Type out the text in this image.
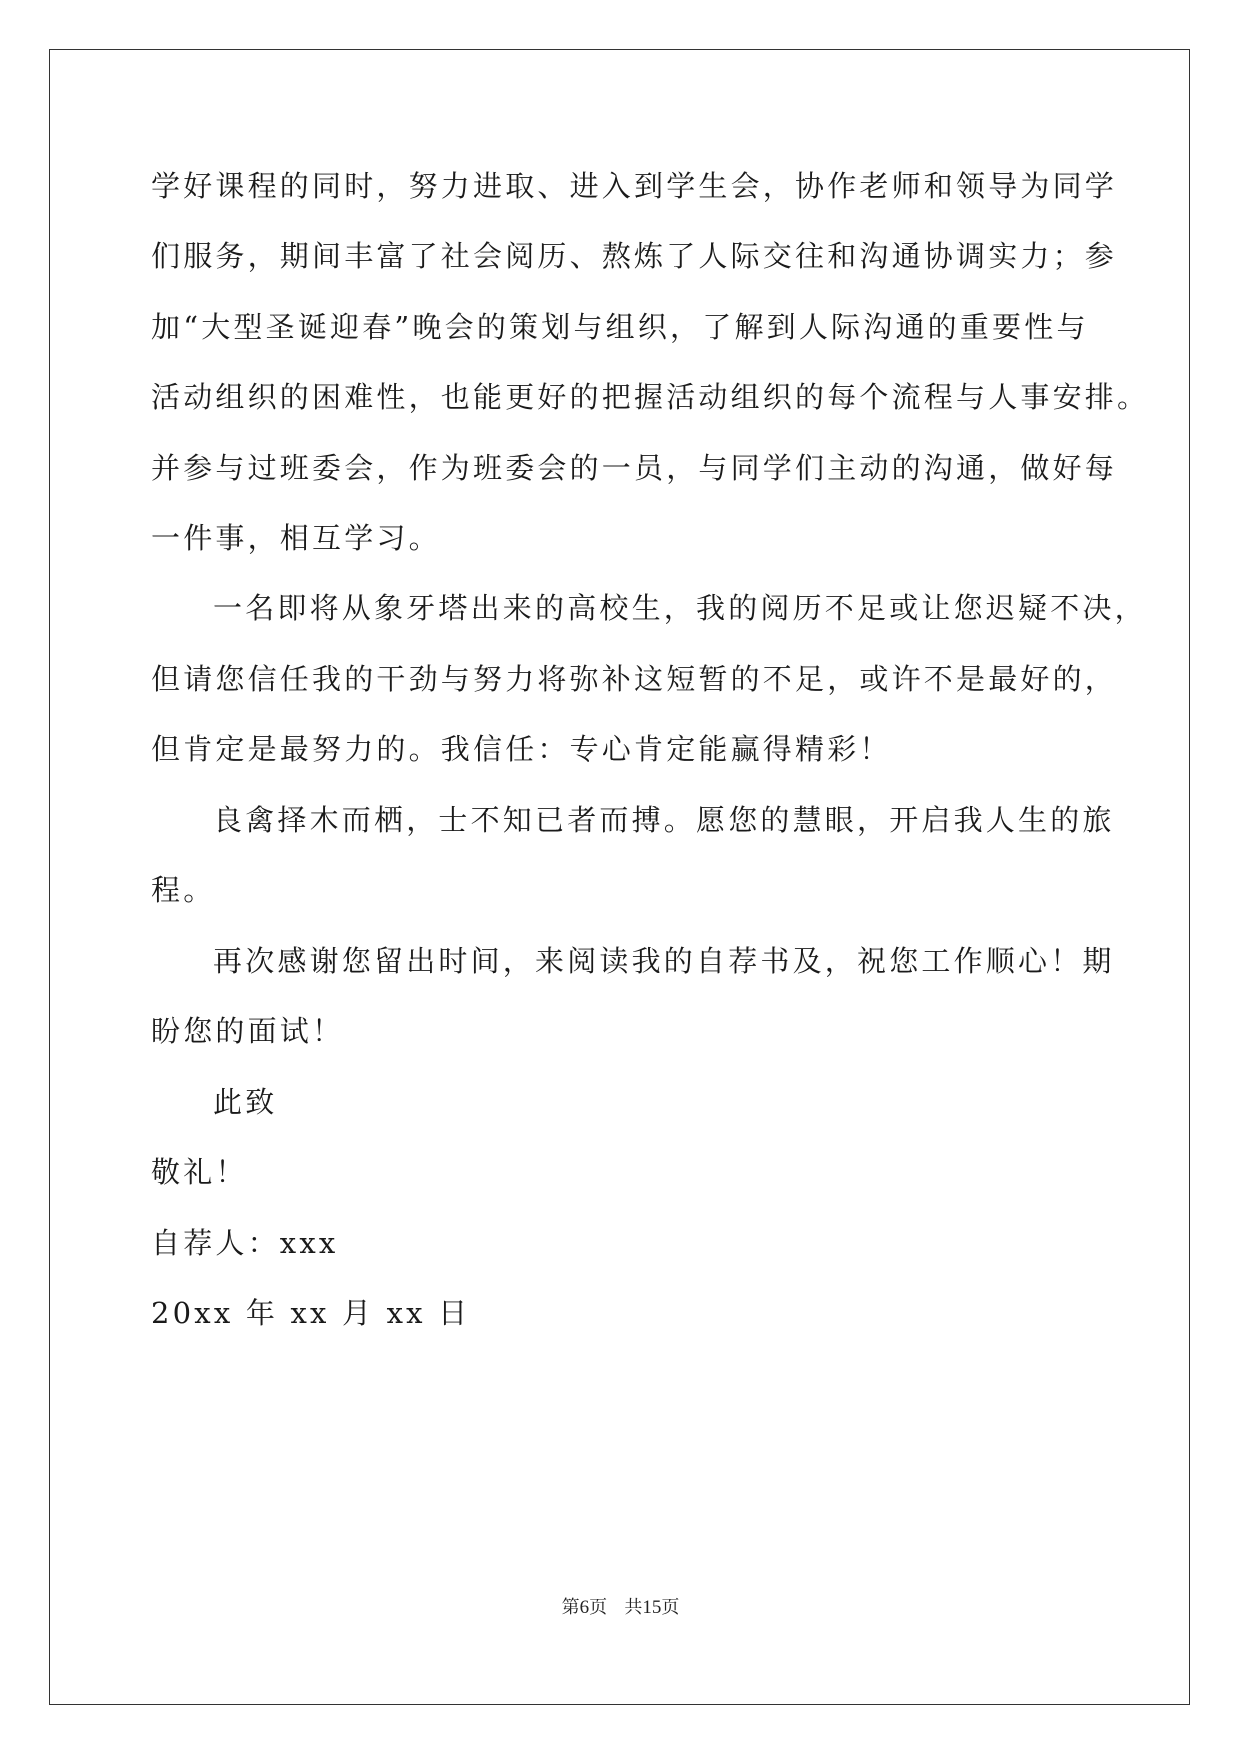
学好课程的同时，努力进取、进入到学生会，协作老师和领导为同学
们服务，期间丰富了社会阅历、熬炼了人际交往和沟通协调实力；参
加“大型圣诞迎春”晚会的策划与组织，了解到人际沟通的重要性与
活动组织的困难性，也能更好的把握活动组织的每个流程与人事安排。
并参与过班委会，作为班委会的一员，与同学们主动的沟通，做好每
一件事，相互学习。
一名即将从象牙塔出来的高校生，我的阅历不足或让您迟疑不决，
但请您信任我的干劲与努力将弥补这短暂的不足，或许不是最好的，
但肯定是最努力的。我信任：专心肯定能赢得精彩！
良禽择木而栖，士不知已者而搏。愿您的慧眼，开启我人生的旅
程。
再次感谢您留出时间，来阅读我的自荐书及，祝您工作顺心！期
盼您的面试！
此致
敬礼！
自荐人：xxx
20xx 年 xx 月 xx 日
第6页 共15页
